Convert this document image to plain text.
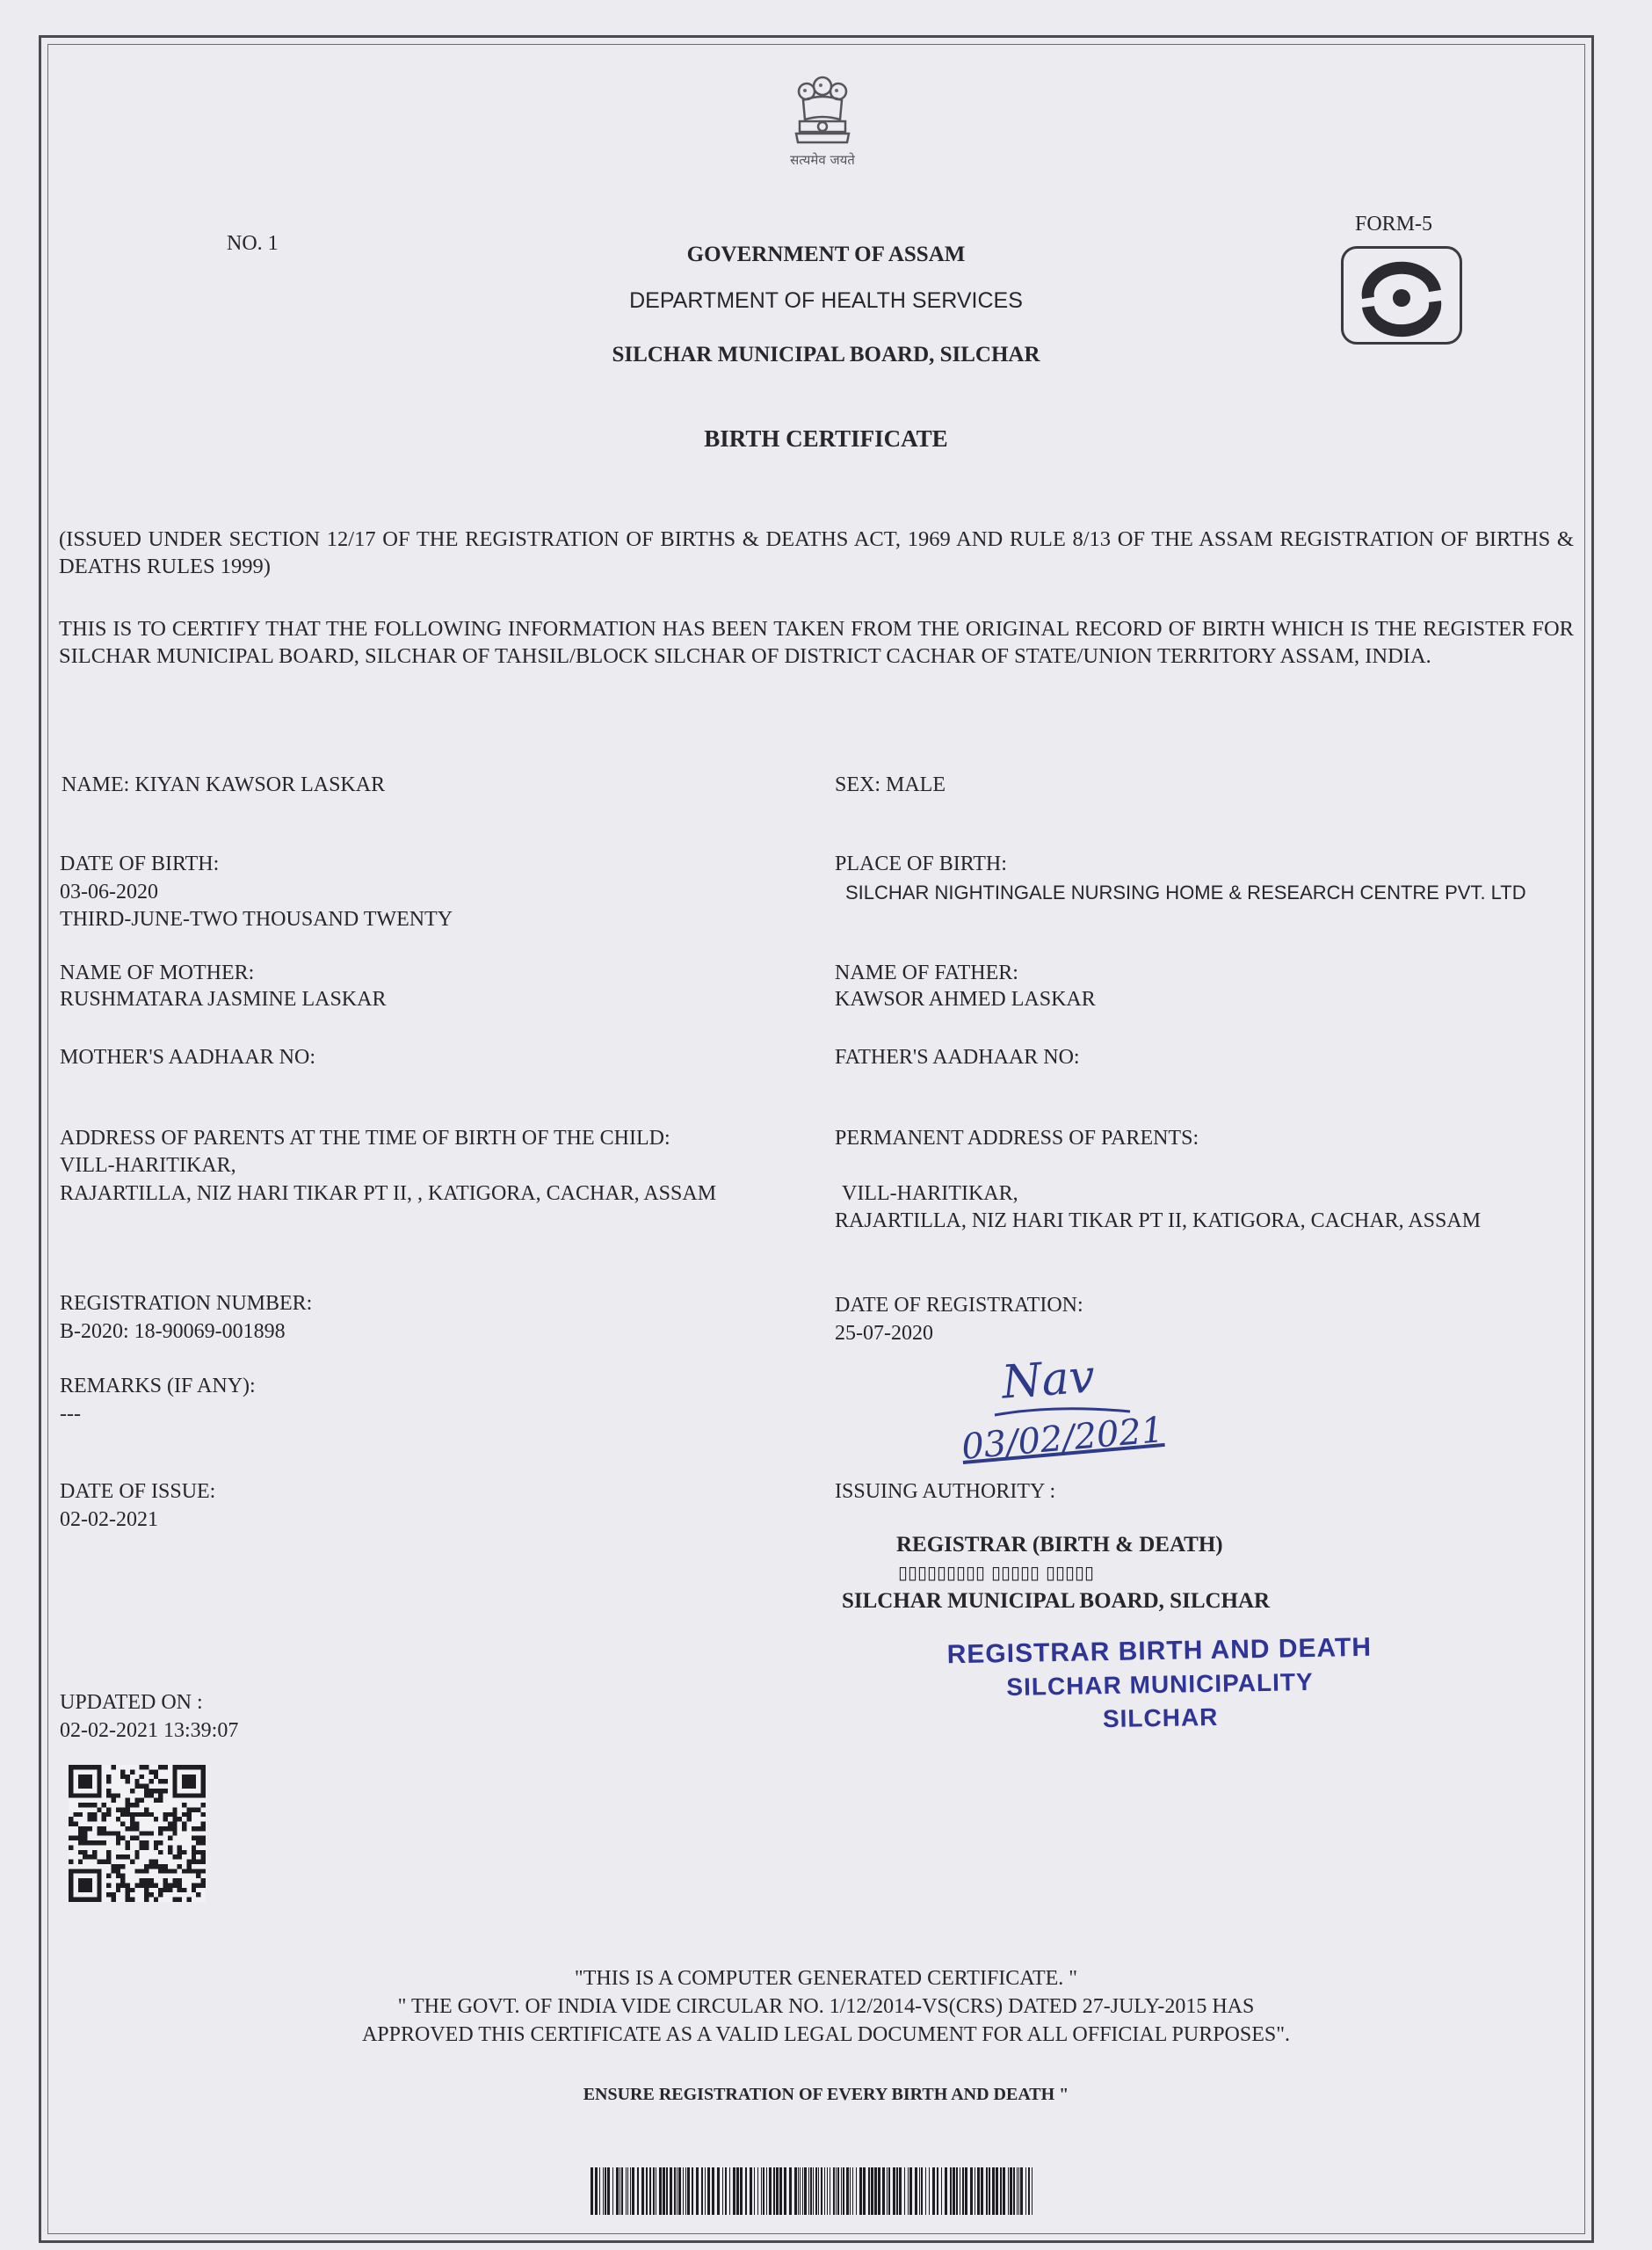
सत्यमेव जयते
NO. 1
FORM-5
GOVERNMENT OF ASSAM
DEPARTMENT OF HEALTH SERVICES
SILCHAR MUNICIPAL BOARD, SILCHAR
BIRTH CERTIFICATE
(ISSUED UNDER SECTION 12/17 OF THE REGISTRATION OF BIRTHS & DEATHS ACT, 1969 AND RULE 8/13 OF THE ASSAM REGISTRATION OF BIRTHS & DEATHS RULES 1999)
THIS IS TO CERTIFY THAT THE FOLLOWING INFORMATION HAS BEEN TAKEN FROM THE ORIGINAL RECORD OF BIRTH WHICH IS THE REGISTER FOR SILCHAR MUNICIPAL BOARD, SILCHAR OF TAHSIL/BLOCK SILCHAR OF DISTRICT CACHAR OF STATE/UNION TERRITORY ASSAM, INDIA.
NAME: KIYAN KAWSOR LASKAR
DATE OF BIRTH:
03-06-2020
THIRD-JUNE-TWO THOUSAND TWENTY
NAME OF MOTHER:
RUSHMATARA JASMINE LASKAR
MOTHER'S AADHAAR NO:
ADDRESS OF PARENTS AT THE TIME OF BIRTH OF THE CHILD:
VILL-HARITIKAR,
RAJARTILLA, NIZ HARI TIKAR PT II, , KATIGORA, CACHAR, ASSAM
REGISTRATION NUMBER:
B-2020: 18-90069-001898
REMARKS (IF ANY):
---
DATE OF ISSUE:
02-02-2021
SEX: MALE
PLACE OF BIRTH:
SILCHAR NIGHTINGALE NURSING HOME & RESEARCH CENTRE PVT. LTD
NAME OF FATHER:
KAWSOR AHMED LASKAR
FATHER'S AADHAAR NO:
PERMANENT ADDRESS OF PARENTS:
VILL-HARITIKAR,
RAJARTILLA, NIZ HARI TIKAR PT II, KATIGORA, CACHAR, ASSAM
DATE OF REGISTRATION:
25-07-2020
Nav
03/02/2021
ISSUING AUTHORITY :
REGISTRAR (BIRTH & DEATH)
▯▯▯▯▯▯▯▯▯ ▯▯▯▯▯ ▯▯▯▯▯
SILCHAR MUNICIPAL BOARD, SILCHAR
REGISTRAR BIRTH AND DEATH
SILCHAR MUNICIPALITY
SILCHAR
UPDATED ON :
02-02-2021 13:39:07
"THIS IS A COMPUTER GENERATED CERTIFICATE. "
" THE GOVT. OF INDIA VIDE CIRCULAR NO. 1/12/2014-VS(CRS) DATED 27-JULY-2015 HAS
APPROVED THIS CERTIFICATE AS A VALID LEGAL DOCUMENT FOR ALL OFFICIAL PURPOSES".
ENSURE REGISTRATION OF EVERY BIRTH AND DEATH "
